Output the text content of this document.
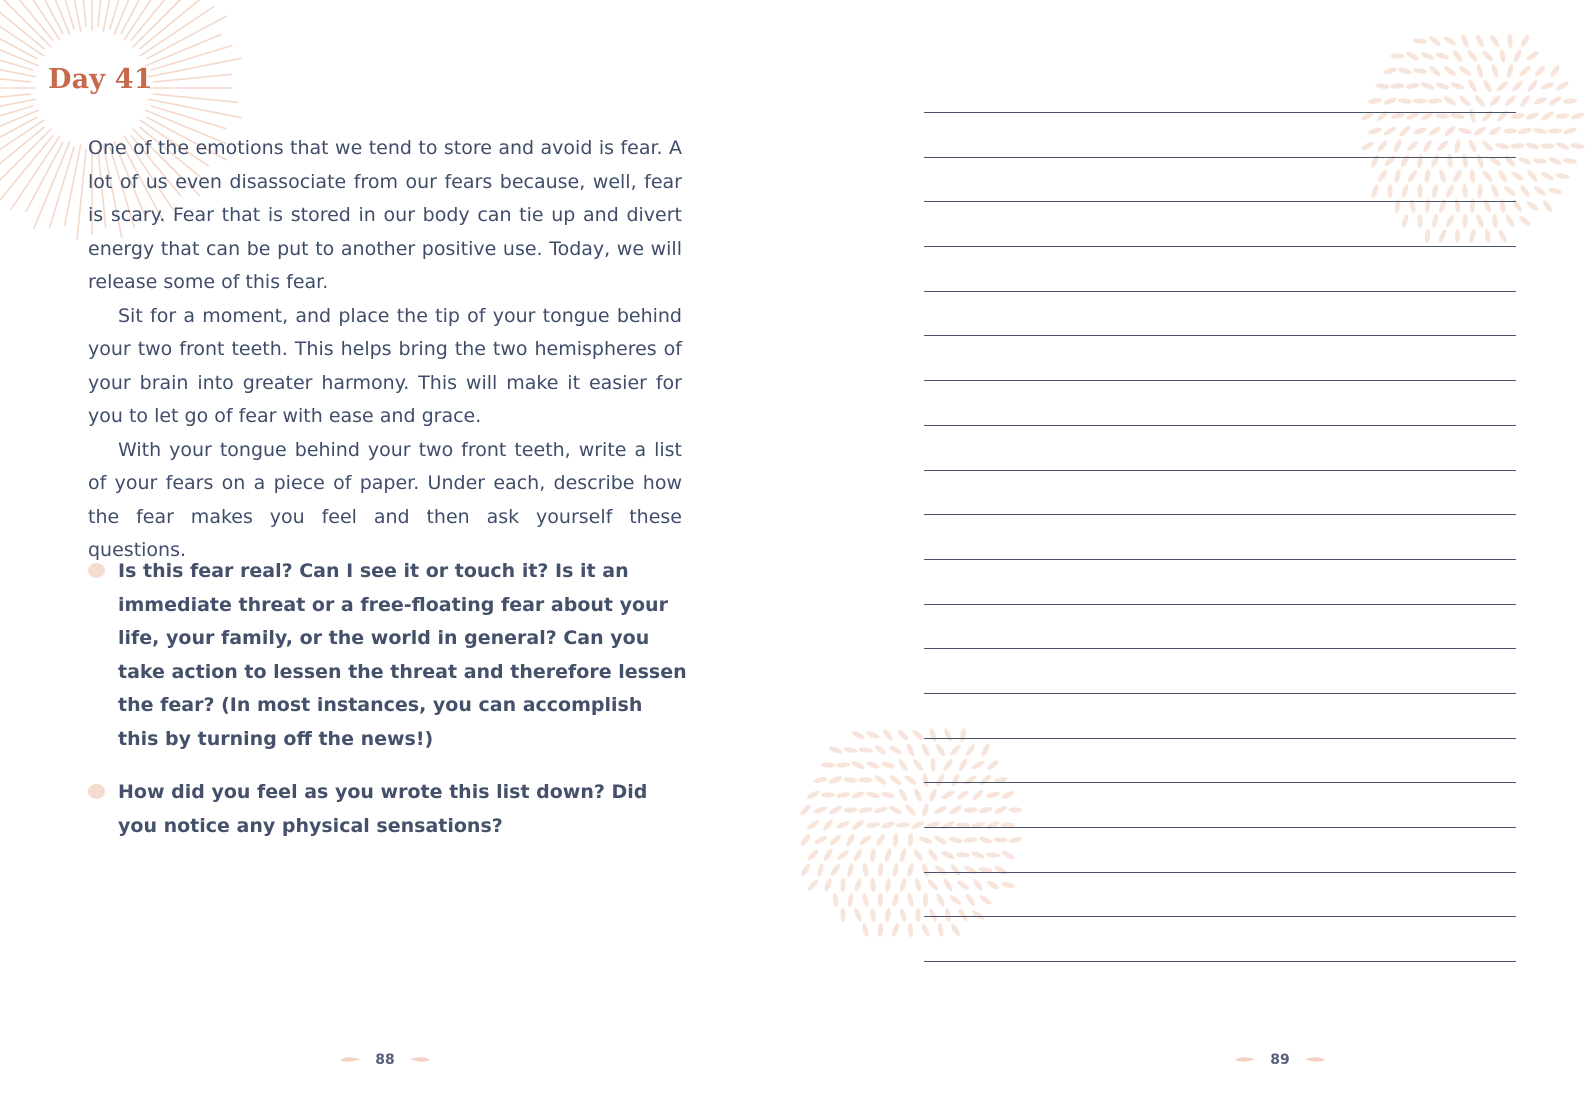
Day 41

One of the emotions that we tend to store and avoid is fear. A lot of us even disassociate from our fears because, well, fear is scary. Fear that is stored in our body can tie up and divert energy that can be put to another positive use. Today, we will release some of this fear.

Sit for a moment, and place the tip of your tongue behind your two front teeth. This helps bring the two hemispheres of your brain into greater harmony. This will make it easier for you to let go of fear with ease and grace.

With your tongue behind your two front teeth, write a list of your fears on a piece of paper. Under each, describe how the fear makes you feel and then ask yourself these questions.

Is this fear real? Can I see it or touch it? Is it an immediate threat or a free-floating fear about your life, your family, or the world in general? Can you take action to lessen the threat and therefore lessen the fear? (In most instances, you can accomplish this by turning off the news!)
How did you feel as you wrote this list down? Did you notice any physical sensations?
88	89
